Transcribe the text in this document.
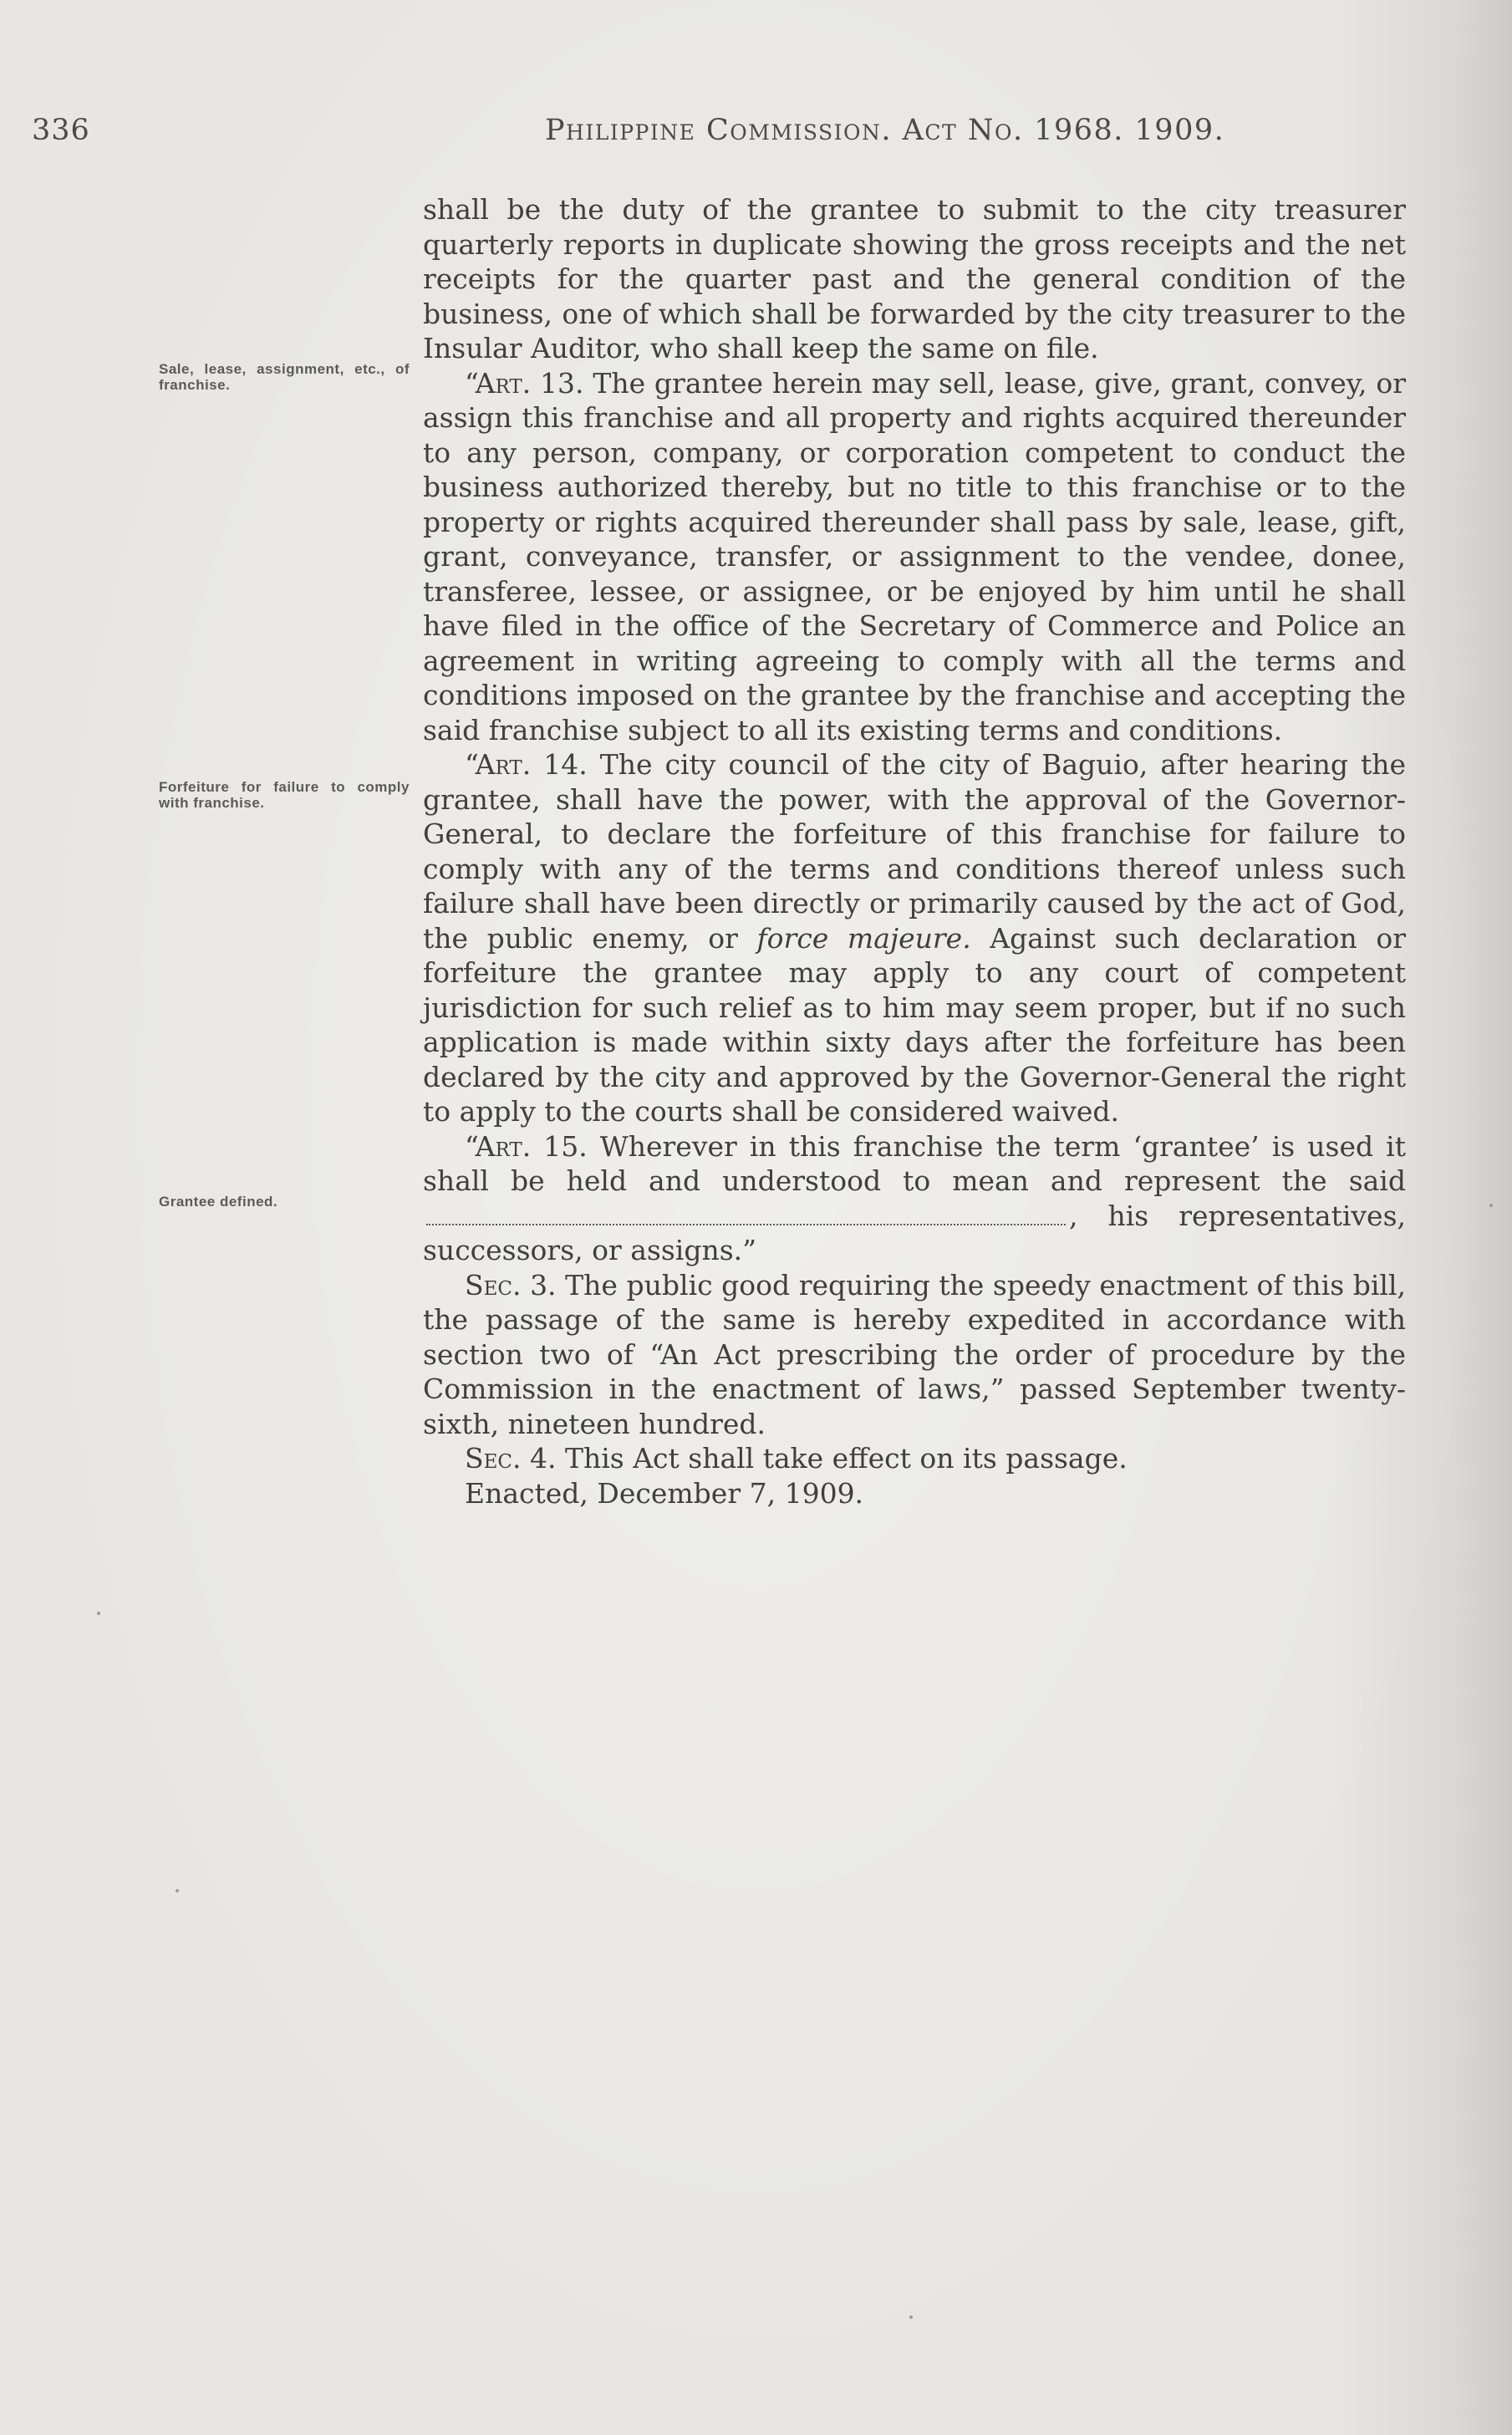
336	Philippine Commission. Act No. 1968. 1909.
Sale, lease, assignment, etc., of franchise.
Forfeiture for failure to comply with franchise.
Grantee defined.

shall be the duty of the grantee to submit to the city treasurer quarterly reports in duplicate showing the gross receipts and the net receipts for the quarter past and the general condition of the business, one of which shall be forwarded by the city treasurer to the Insular Auditor, who shall keep the same on file.

“Art. 13. The grantee herein may sell, lease, give, grant, convey, or assign this franchise and all property and rights acquired thereunder to any person, company, or corporation competent to conduct the business authorized thereby, but no title to this franchise or to the property or rights acquired thereunder shall pass by sale, lease, gift, grant, conveyance, transfer, or assignment to the vendee, donee, transferee, lessee, or assignee, or be enjoyed by him until he shall have filed in the office of the Secretary of Commerce and Police an agreement in writing agreeing to comply with all the terms and conditions imposed on the grantee by the franchise and accepting the said franchise subject to all its existing terms and conditions.

“Art. 14. The city council of the city of Baguio, after hearing the grantee, shall have the power, with the approval of the Governor-General, to declare the forfeiture of this franchise for failure to comply with any of the terms and conditions thereof unless such failure shall have been directly or primarily caused by the act of God, the public enemy, or force majeure. Against such declaration or forfeiture the grantee may apply to any court of competent jurisdiction for such relief as to him may seem proper, but if no such application is made within sixty days after the forfeiture has been declared by the city and approved by the Governor-General the right to apply to the courts shall be considered waived.

“Art. 15. Wherever in this franchise the term ‘grantee’ is used it shall be held and understood to mean and represent the said, his representatives, successors, or assigns.”

Sec. 3. The public good requiring the speedy enactment of this bill, the passage of the same is hereby expedited in accordance with section two of “An Act prescribing the order of procedure by the Commission in the enactment of laws,” passed September twenty-sixth, nineteen hundred.

Sec. 4. This Act shall take effect on its passage.

Enacted, December 7, 1909.
